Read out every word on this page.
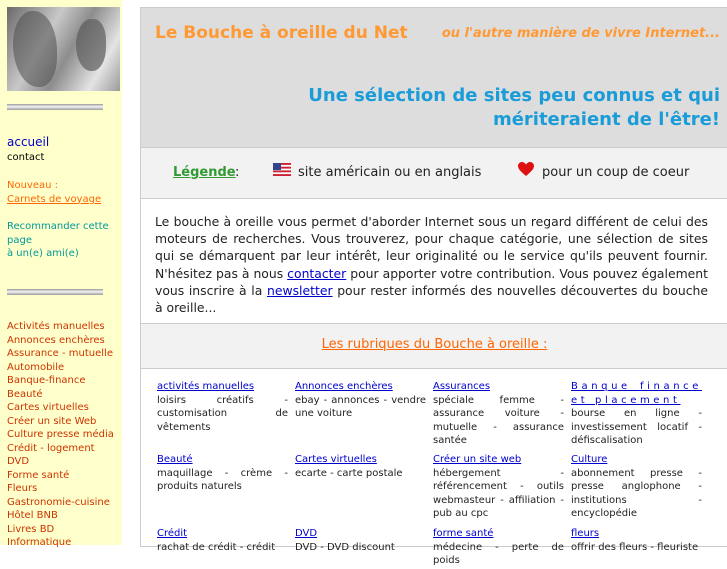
accueil
contact
Nouveau :
Carnets de voyage
Recommander cette
page
à un(e) ami(e)
Activités manuelles
Annonces enchères
Assurance - mutuelle
Automobile
Banque-finance
Beauté
Cartes virtuelles
Créer un site Web
Culture presse média
Crédit - logement
DVD
Forme santé
Fleurs
Gastronomie-cuisine
Hôtel BNB
Livres BD
Informatique
Le Bouche à oreille du Net	ou l'autre manière de vivre Internet...
Une sélection de sites peu connus et qui mériteraient de l'être!
Légende :	site américain ou en anglais	pour un coup de coeur
Le bouche à oreille vous permet d'aborder Internet sous un regard différent de celui des moteurs de recherches. Vous trouverez, pour chaque catégorie, une sélection de sites qui se démarquent par leur intérêt, leur originalité ou le service qu'ils peuvent fournir. N'hésitez pas à nous contacter pour apporter votre contribution. Vous pouvez également vous inscrire à la newsletter pour rester informés des nouvelles découvertes du bouche à oreille...
Les rubriques du Bouche à oreille :
activités manuelles
loisirs créatifs - customisation de vêtements
Annonces enchères
ebay - annonces - vendre une voiture
Assurances
spéciale femme - assurance voiture - mutuelle - assurance santée
Banque finance et placement
bourse en ligne - investissement locatif - défiscalisation
Beauté
maquillage - crème - produits naturels
Cartes virtuelles
ecarte - carte postale
Créer un site web
hébergement - référencement - outils webmasteur - affiliation - pub au cpc
Culture
abonnement presse - presse anglophone - institutions - encyclopédie
Crédit
rachat de crédit - crédit
DVD
DVD - DVD discount
forme santé
médecine - perte de poids
fleurs
offrir des fleurs - fleuriste
